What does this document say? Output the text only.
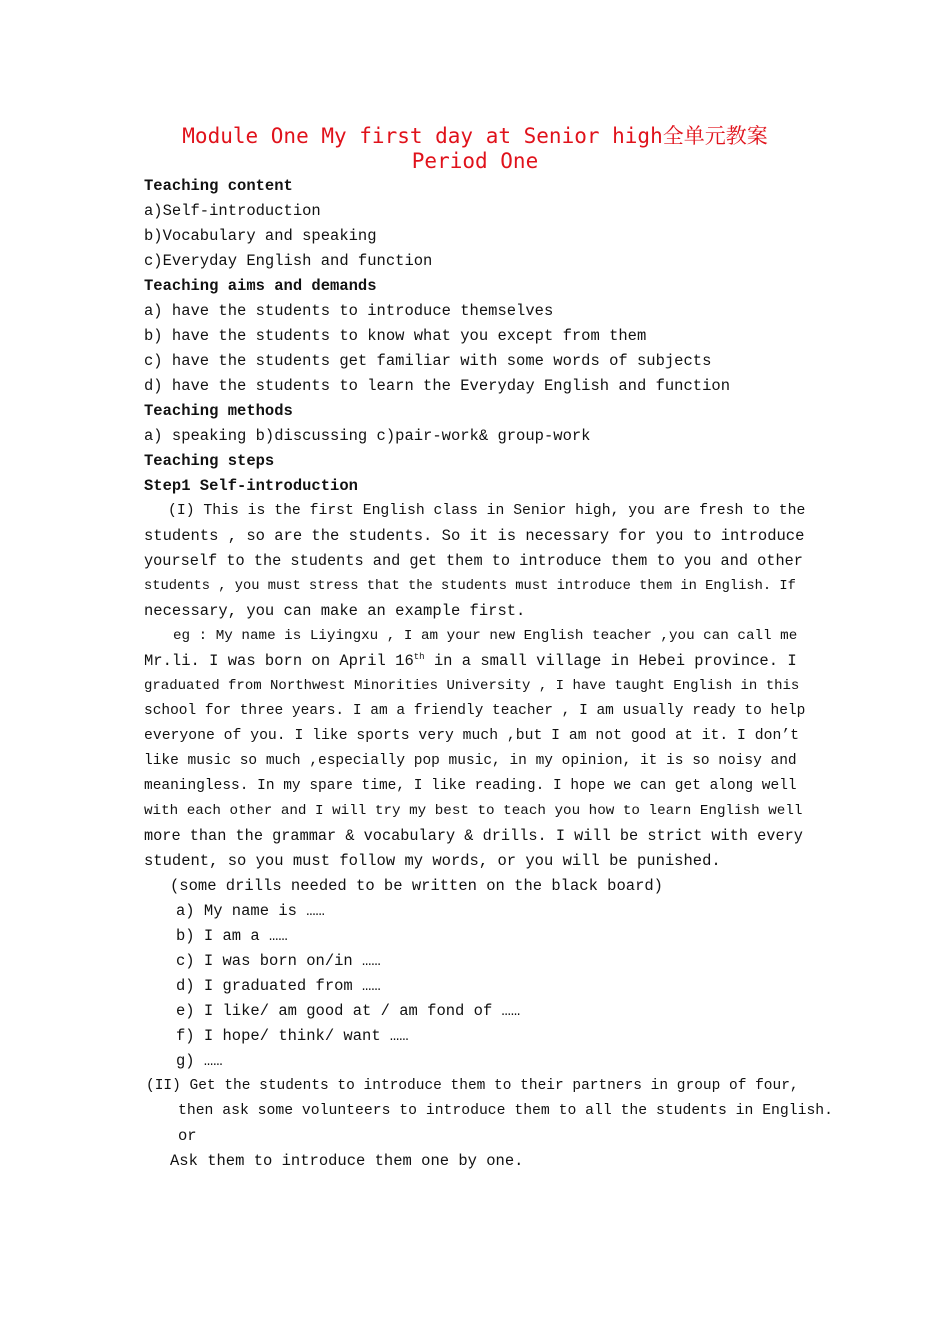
Module One My first day at Senior high全单元教案
Period One
Teaching content
a)Self-introduction
b)Vocabulary and speaking
c)Everyday English and function
Teaching aims and demands
a) have the students to introduce themselves
b) have the students to know what you except from them
c) have the students get familiar with some words of subjects
d) have the students to learn the Everyday English and function
Teaching methods
a) speaking b)discussing c)pair-work& group-work
Teaching steps
Step1 Self-introduction
(I) This is the first English class in Senior high, you are fresh to the
students , so are the students. So it is necessary for you to introduce
yourself to the students and get them to introduce them to you and other
students , you must stress that the students must introduce them in English. If
necessary, you can make an example first.
eg : My name is Liyingxu , I am your new English teacher ,you can call me
Mr.li. I was born on April 16th in a small village in Hebei province. I
graduated from Northwest Minorities University , I have taught English in this
school for three years. I am a friendly teacher , I am usually ready to help
everyone of you. I like sports very much ,but I am not good at it. I don’t
like music so much ,especially pop music, in my opinion, it is so noisy and
meaningless. In my spare time, I like reading. I hope we can get along well
with each other and I will try my best to teach you how to learn English well
more than the grammar & vocabulary & drills. I will be strict with every
student, so you must follow my words, or you will be punished.
(some drills needed to be written on the black board)
a) My name is ……
b) I am a ……
c) I was born on/in ……
d) I graduated from ……
e) I like/ am good at / am fond of ……
f) I hope/ think/ want ……
g) ……
(II) Get the students to introduce them to their partners in group of four,
then ask some volunteers to introduce them to all the students in English.
or
Ask them to introduce them one by one.
